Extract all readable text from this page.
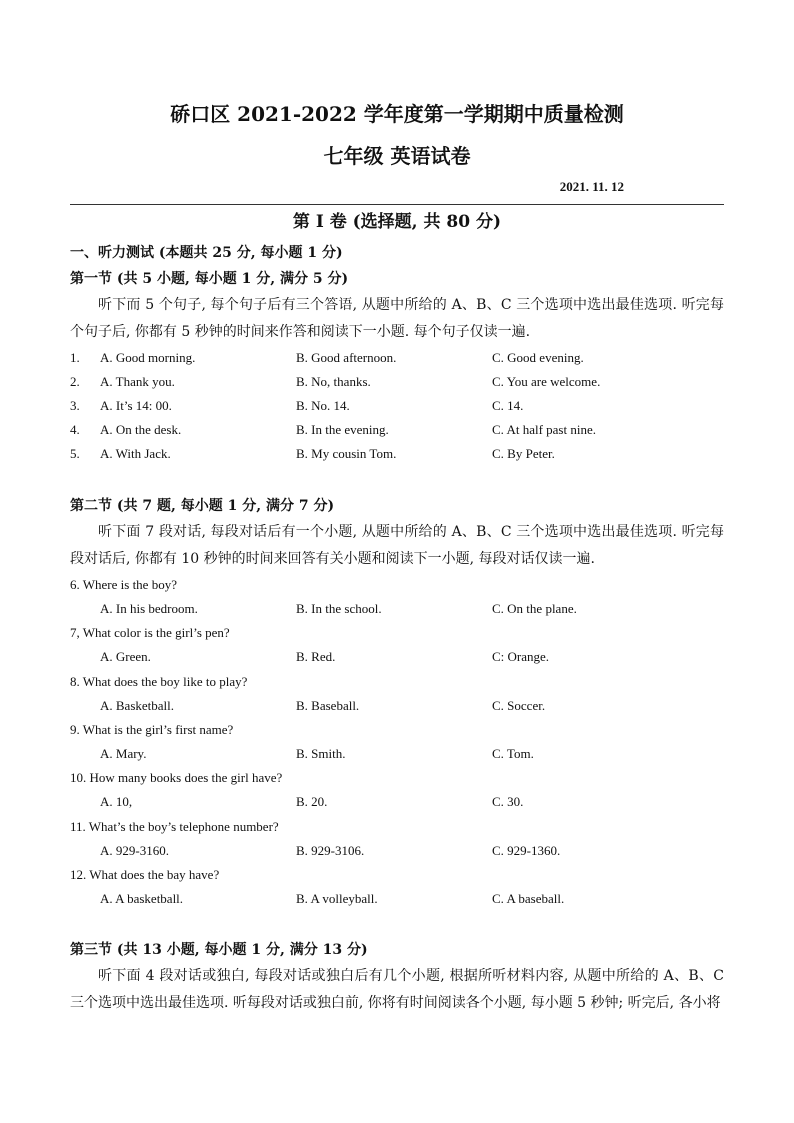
硚口区 2021-2022 学年度第一学期期中质量检测
七年级 英语试卷
2021. 11. 12
第 I 卷 (选择题, 共 80 分)
一、听力测试 (本题共 25 分, 每小题 1 分)
第一节 (共 5 小题, 每小题 1 分, 满分 5 分)
听下而 5 个句子, 每个句子后有三个答语, 从题中所给的 A、B、C 三个选项中选出最佳选项. 听完每个句子后, 你都有 5 秒钟的时间来作答和阅读下一小题. 每个句子仅读一遍.
1. A. Good morning.	B. Good afternoon.	C. Good evening.
2. A. Thank you.	B. No, thanks.	C. You are welcome.
3. A. It’s 14: 00.	B. No. 14.	C. 14.
4. A. On the desk.	B. In the evening.	C. At half past nine.
5. A. With Jack.	B. My cousin Tom.	C. By Peter.
第二节 (共 7 题, 每小题 1 分, 满分 7 分)
听下面 7 段对话, 每段对话后有一个小题, 从题中所给的 A、B、C 三个选项中选出最佳选项. 听完每段对话后, 你都有 10 秒钟的时间来回答有关小题和阅读下一小题, 每段对话仅读一遍.
6. Where is the boy?
A. In his bedroom.	B. In the school.	C. On the plane.
7, What color is the girl’s pen?
A. Green.	B. Red.	C: Orange.
8. What does the boy like to play?
A. Basketball.	B. Baseball.	C. Soccer.
9. What is the girl’s first name?
A. Mary.	B. Smith.	C. Tom.
10. How many books does the girl have?
A. 10,	B. 20.	C. 30.
11. What’s the boy’s telephone number?
A. 929-3160.	B. 929-3106.	C. 929-1360.
12. What does the bay have?
A. A basketball.	B. A volleyball.	C. A baseball.
第三节 (共 13 小题, 每小题 1 分, 满分 13 分)
听下面 4 段对话或独白, 每段对话或独白后有几个小题, 根据所听材料内容, 从题中所给的 A、B、C 三个选项中选出最佳选项. 听每段对话或独白前, 你将有时间阅读各个小题, 每小题 5 秒钟; 听完后, 各小将
